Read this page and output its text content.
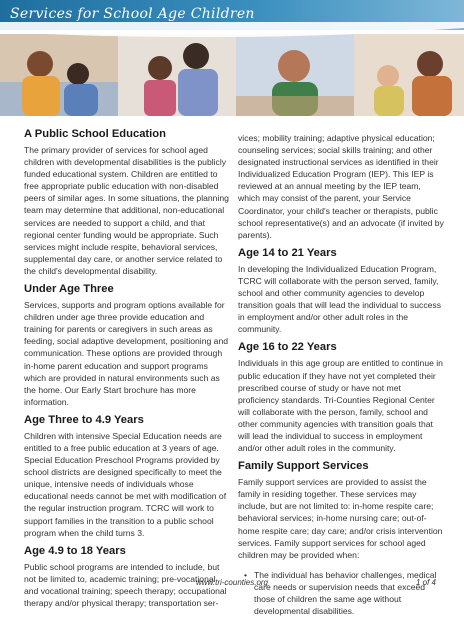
Services for School Age Children
A Public School Education

The primary provider of services for school aged children with developmental disabilities is the publicly funded educational system. Children are entitled to free appropriate public education with non-disabled peers of similar ages. In some situations, the planning team may determine that additional, non-educational services are needed to support a child, and that regional center funding would be appropriate. Such services might include respite, behavioral services, supplemental day care, or another service related to the child's developmental disability.

Under Age Three

Services, supports and program options available for children under age three provide education and training for parents or caregivers in such areas as feeding, social adaptive development, positioning and communication. These options are provided through in-home parent education and support programs which are provided in natural environments such as the home. Our Early Start brochure has more information.

Age Three to 4.9 Years

Children with intensive Special Education needs are entitled to a free public education at 3 years of age. Special Education Preschool Programs provided by school districts are designed specifically to meet the unique, intensive needs of individuals whose educational needs cannot be met with modification of the regular instruction program. TCRC will work to support families in the transition to a public school program when the child turns 3.

Age 4.9 to 18 Years

Public school programs are intended to include, but not be limited to, academic training; pre-vocational and vocational training; speech therapy; occupational therapy and/or physical therapy; transportation ser-

vices; mobility training; adaptive physical education; counseling services; social skills training; and other designated instructional services as identified in their Individualized Education Program (IEP). This IEP is reviewed at an annual meeting by the IEP team, which may consist of the parent, your Service Coordinator, your child's teacher or therapists, public school representative(s) and an advocate (if invited by parents).

Age 14 to 21 Years

In developing the Individualized Education Program, TCRC will collaborate with the person served, family, school and other community agencies to develop transition goals that will lead the individual to success in employment and/or other adult roles in the community.

Age 16 to 22 Years

Individuals in this age group are entitled to continue in public education if they have not yet completed their prescribed course of study or have not met proficiency standards. Tri-Counties Regional Center will collaborate with the person, family, school and other community agencies with transition goals that will lead the individual to success in employment and/or other adult roles in the community.

Family Support Services

Family support services are provided to assist the family in residing together. These services may include, but are not limited to: in-home respite care; behavioral services; in-home nursing care; out-of-home respite care; day care; and/or crisis intervention services. Family support services for school aged children may be provided when:

• The individual has behavior challenges, medical care needs or supervision needs that exceed those of children the same age without developmental disabilities.
www.tri-counties.org	1 of 4
